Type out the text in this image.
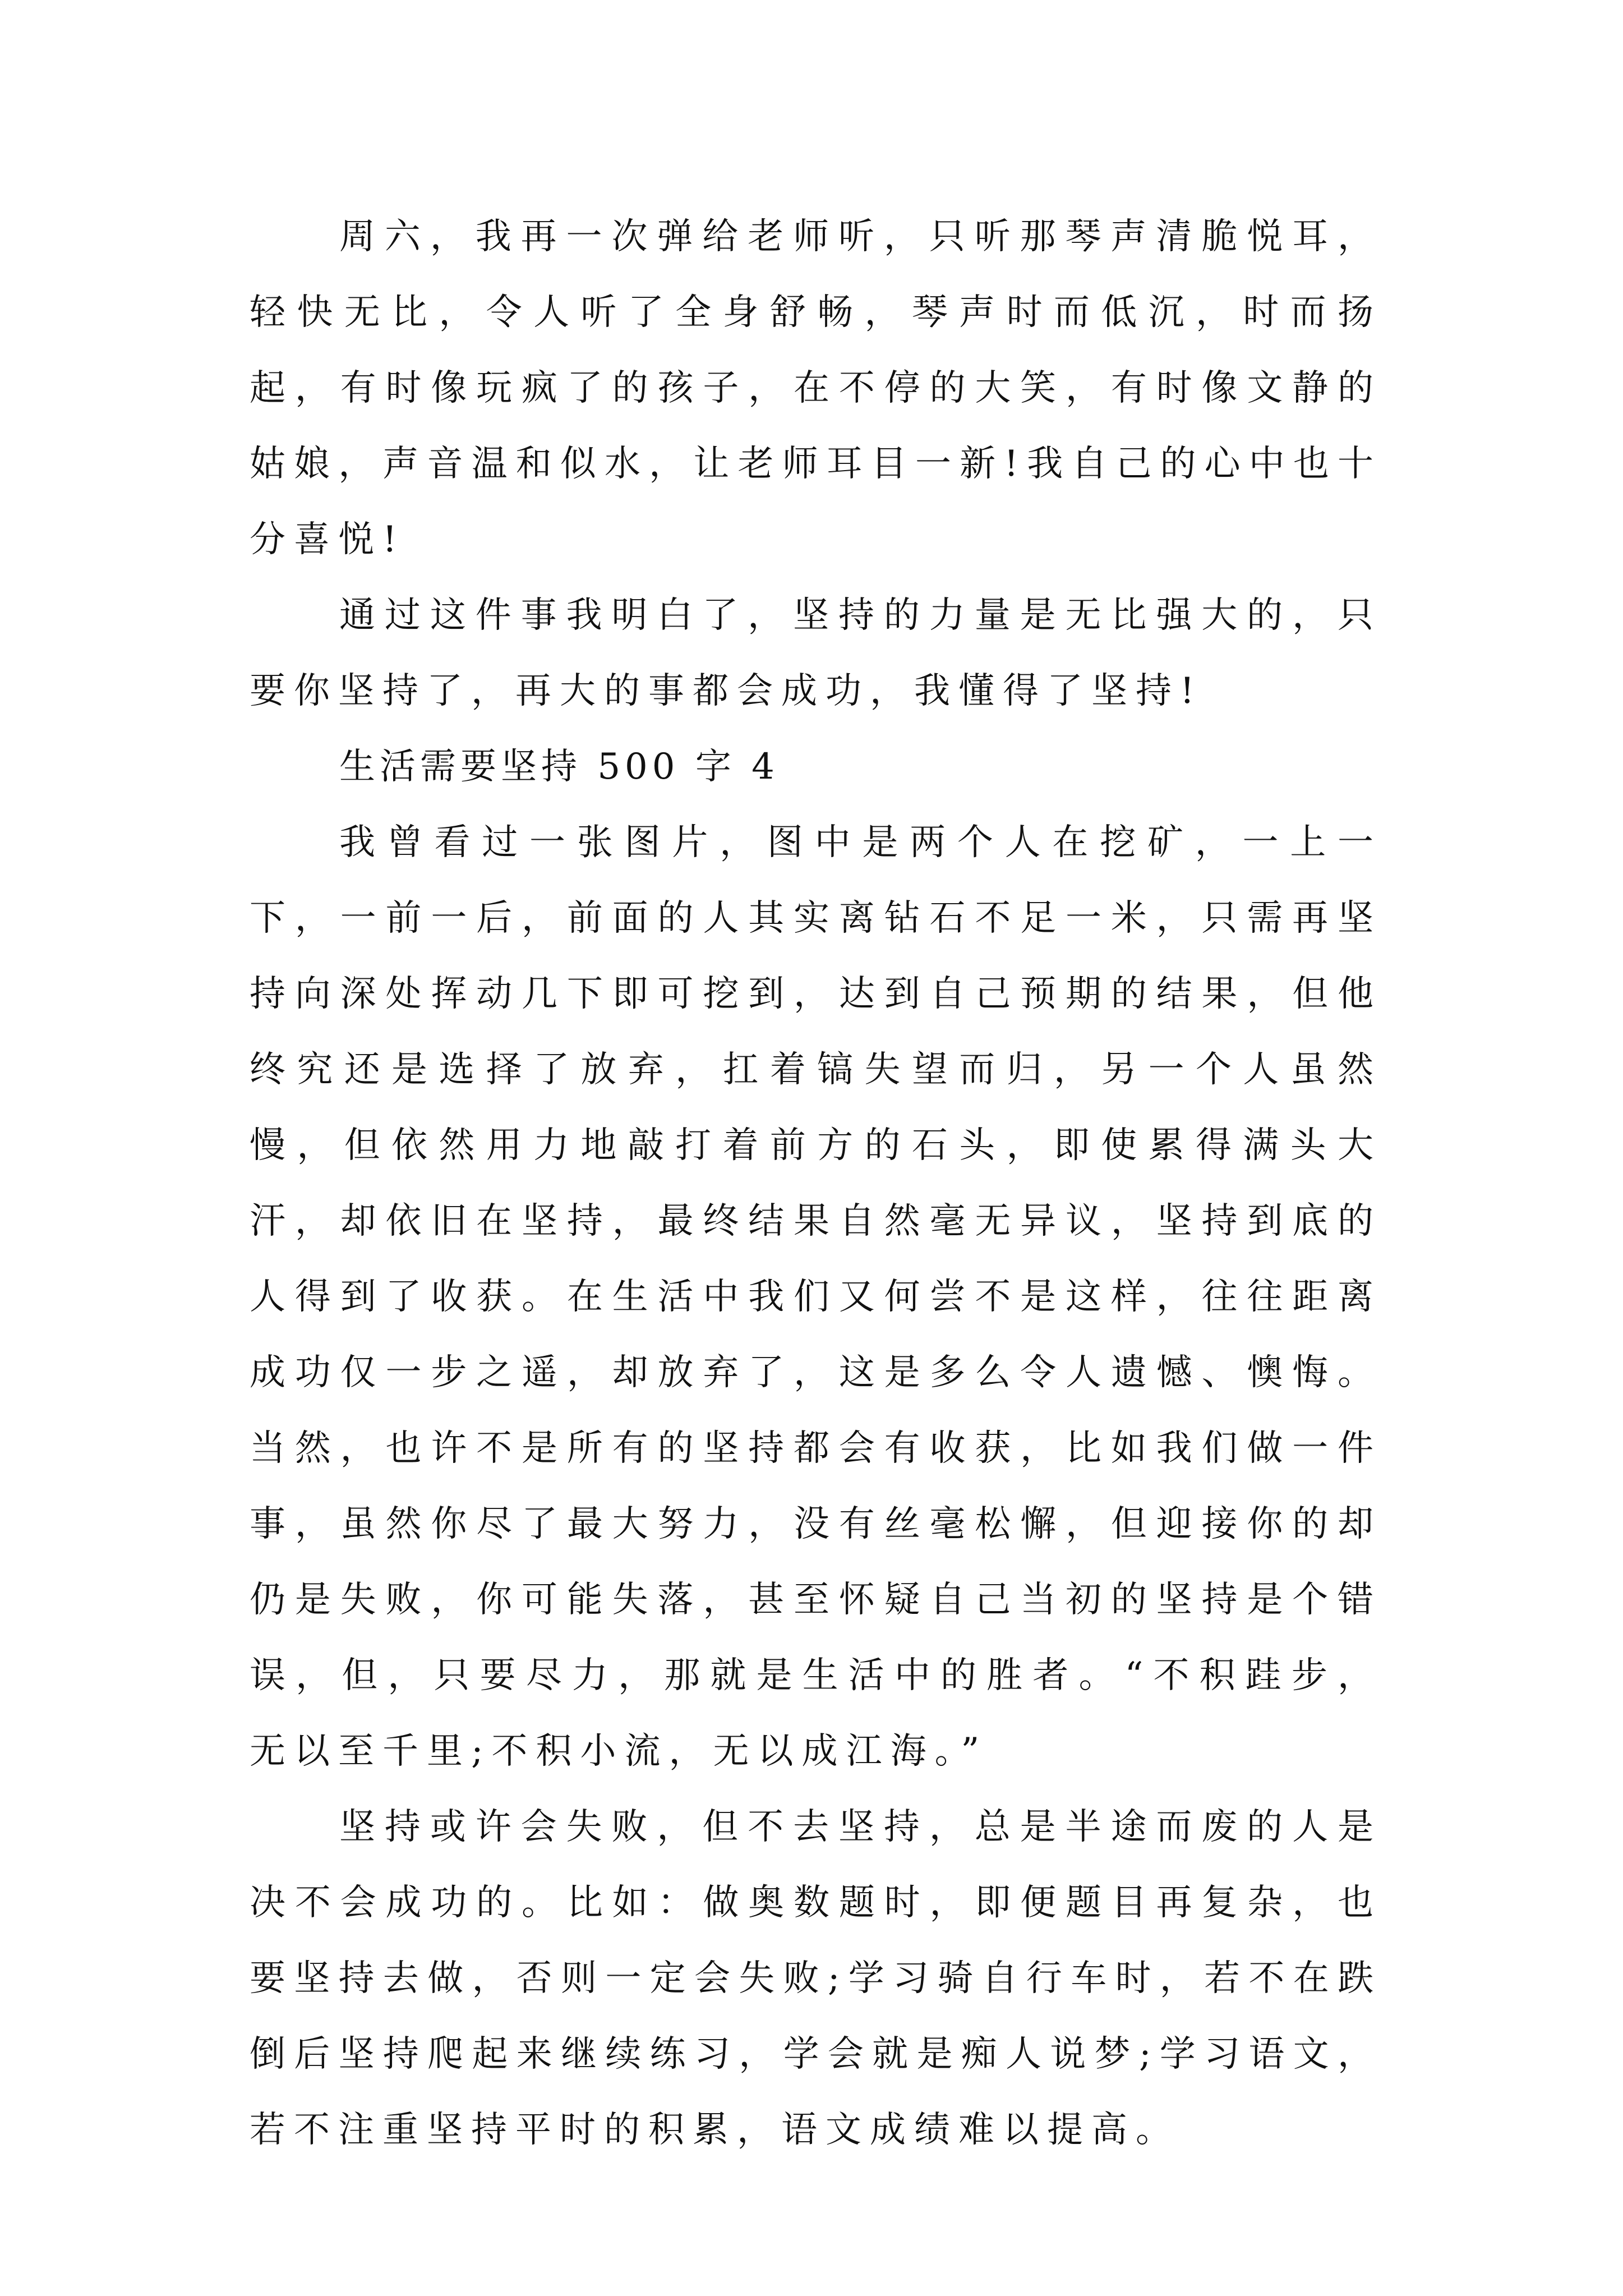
周六，我再一次弹给老师听，只听那琴声清脆悦耳，轻快无比，令人听了全身舒畅，琴声时而低沉，时而扬起，有时像玩疯了的孩子，在不停的大笑，有时像文静的姑娘，声音温和似水，让老师耳目一新!我自己的心中也十分喜悦!

通过这件事我明白了，坚持的力量是无比强大的，只要你坚持了，再大的事都会成功，我懂得了坚持!

生活需要坚持 500 字 4

我曾看过一张图片，图中是两个人在挖矿，一上一下，一前一后，前面的人其实离钻石不足一米，只需再坚持向深处挥动几下即可挖到，达到自己预期的结果，但他终究还是选择了放弃，扛着镐失望而归，另一个人虽然慢，但依然用力地敲打着前方的石头，即使累得满头大汗，却依旧在坚持，最终结果自然毫无异议，坚持到底的人得到了收获。在生活中我们又何尝不是这样，往往距离成功仅一步之遥，却放弃了，这是多么令人遗憾、懊悔。当然，也许不是所有的坚持都会有收获，比如我们做一件事，虽然你尽了最大努力，没有丝毫松懈，但迎接你的却仍是失败，你可能失落，甚至怀疑自己当初的坚持是个错误，但，只要尽力，那就是生活中的胜者。“不积跬步，无以至千里;不积小流，无以成江海。”

坚持或许会失败，但不去坚持，总是半途而废的人是决不会成功的。比如：做奥数题时，即便题目再复杂，也要坚持去做，否则一定会失败;学习骑自行车时，若不在跌倒后坚持爬起来继续练习，学会就是痴人说梦;学习语文，若不注重坚持平时的积累，语文成绩难以提高。
